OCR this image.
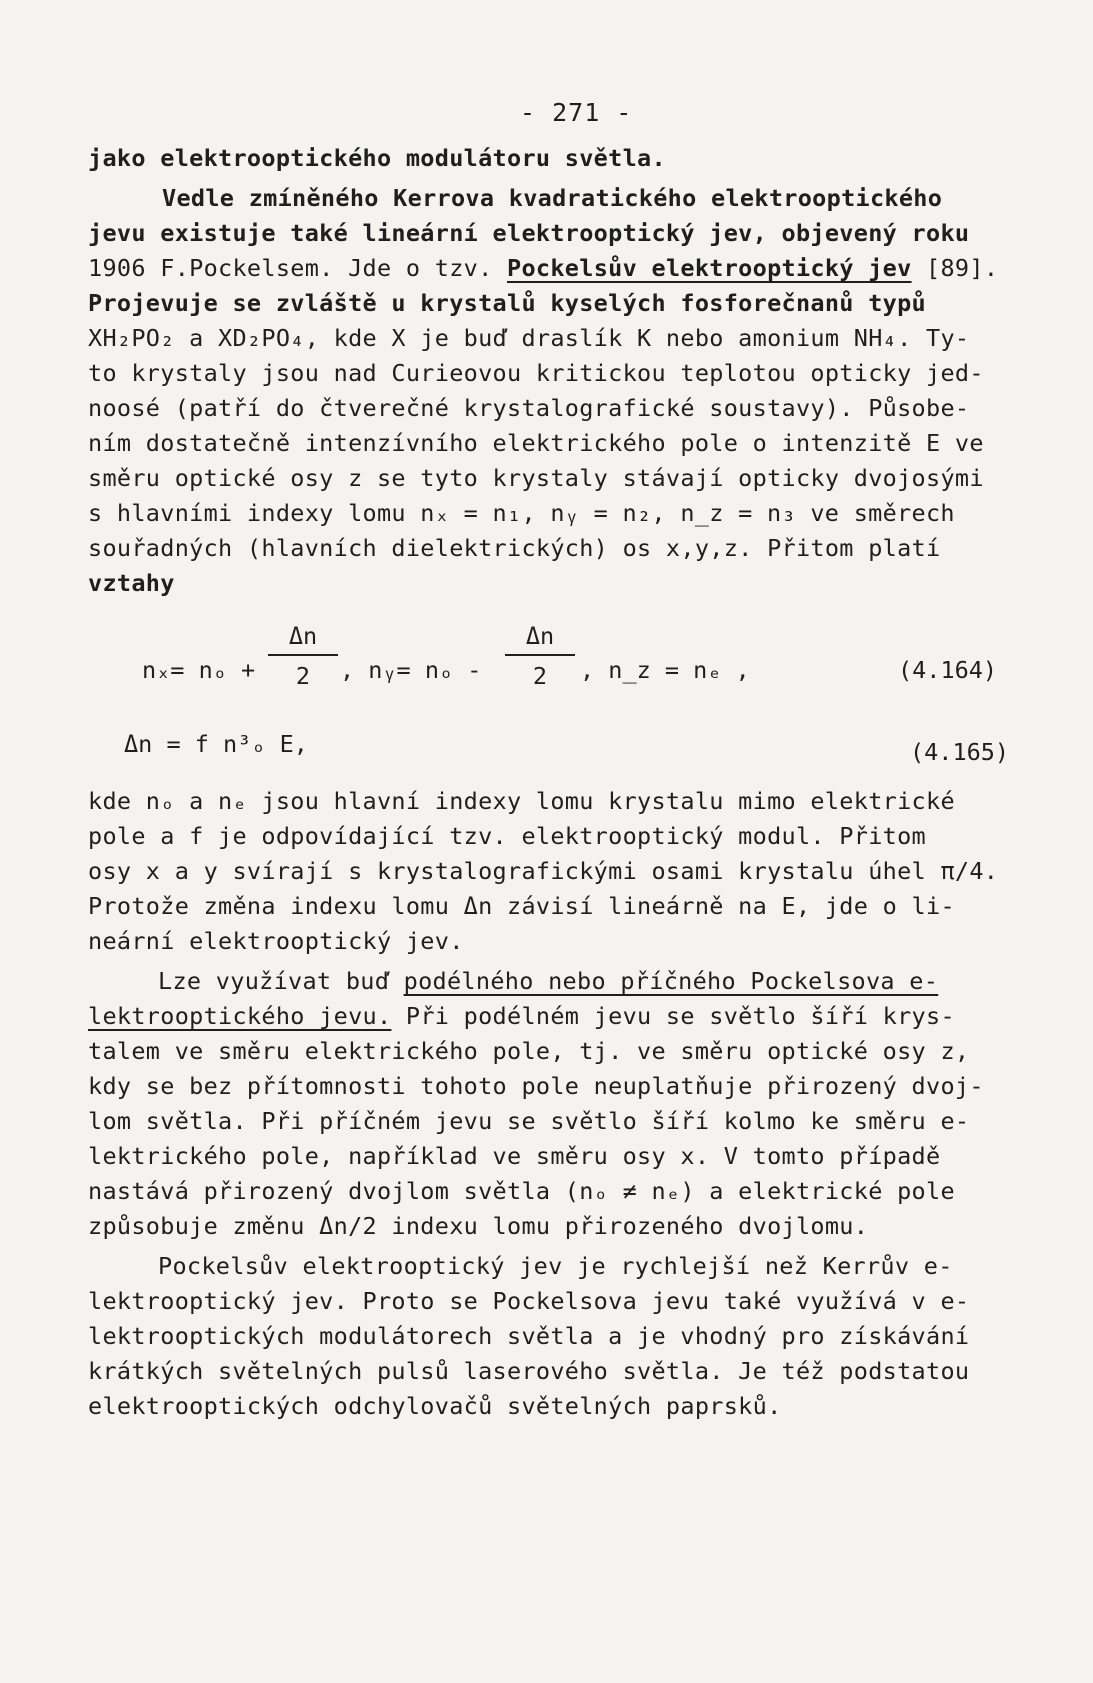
- 271 -
jako elektrooptického modulátoru světla.
Vedle zmíněného Kerrova kvadratického elektrooptického
jevu existuje také lineární elektrooptický jev, objevený roku
1906 F.Pockelsem. Jde o tzv. Pockelsův elektrooptický jev [89].
Projevuje se zvláště u krystalů kyselých fosforečnanů typů
XH₂PO₂ a XD₂PO₄, kde X je buď draslík K nebo amonium NH₄. Ty-
to krystaly jsou nad Curieovou kritickou teplotou opticky jed-
noosé (patří do čtverečné krystalografické soustavy). Působe-
ním dostatečně intenzívního elektrického pole o intenzitě E ve
směru optické osy z se tyto krystaly stávají opticky dvojosými
s hlavními indexy lomu nₓ = n₁, nᵧ = n₂, n_z = n₃ ve směrech
souřadných (hlavních dielektrických) os x,y,z. Přitom platí
vztahy
nₓ= nₒ +
Δn
2	, nᵧ= nₒ -
Δn
2	, n_z = nₑ ,	(4.164)
Δn = f n³ₒ E,	(4.165)
kde nₒ a nₑ jsou hlavní indexy lomu krystalu mimo elektrické
pole a f je odpovídající tzv. elektrooptický modul. Přitom
osy x a y svírají s krystalografickými osami krystalu úhel π/4.
Protože změna indexu lomu Δn závisí lineárně na E, jde o li-
neární elektrooptický jev.
Lze využívat buď podélného nebo příčného Pockelsova e-
lektrooptického jevu. Při podélném jevu se světlo šíří krys-
talem ve směru elektrického pole, tj. ve směru optické osy z,
kdy se bez přítomnosti tohoto pole neuplatňuje přirozený dvoj-
lom světla. Při příčném jevu se světlo šíří kolmo ke směru e-
lektrického pole, například ve směru osy x. V tomto případě
nastává přirozený dvojlom světla (nₒ ≠ nₑ) a elektrické pole
způsobuje změnu Δn/2 indexu lomu přirozeného dvojlomu.
Pockelsův elektrooptický jev je rychlejší než Kerrův e-
lektrooptický jev. Proto se Pockelsova jevu také využívá v e-
lektrooptických modulátorech světla a je vhodný pro získávání
krátkých světelných pulsů laserového světla. Je též podstatou
elektrooptických odchylovačů světelných paprsků.
